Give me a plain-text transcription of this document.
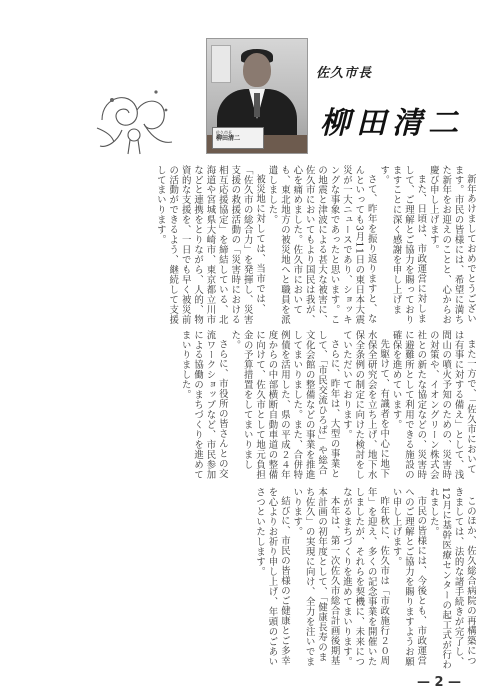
佐久市長
柳田清二
佐久市長
柳田清二

新年あけましておめでとうございます。市民の皆様には、希望に満ちた新年をお迎えのことと、心からお慶び申し上げます。

また、日頃は、市政運営に対しまして、ご理解とご協力を賜っておりますことに深く感謝を申し上げます。

さて、昨年を振り返りますと、なんといっても3月11日の東日本大震災が一大ニュースであり、ショッキングな事象であったと思います。この地震と津波による甚大な被害に、佐久市においてもより国民は我が、心を痛めました。佐久市においても、東北地方の被災地へと職員を派遣しました。

被災地に対しては、当市では、「佐久市の総合力」を発揮し、災害支援の救援活動の「災害時における相互応援協定」を締結している、北海道や宮城県大崎市、東京都立川市などと連携をとりながら、人的、物資的な支援を、一日でも早く被災前の活動ができるよう、継続して支援してまいります。

また一方で、「佐久市においては有事に対する備え」として、浅間山の噴火予知のための、災害時の対策や、イオングリーン株式会社との新たな協定などの、災害時に避難所として利用できる施設の確保を進めています。

先駆けて、有識者を中心に地下水保全研究会を立ち上げ、地下水保全条例の制定に向けた検討をしていただいております。

さらに、昨年は、大型の事業として、「市民交流ひろば」や総合文化会館の整備などの事業を推進してまいりました。また、合併特例債を活用した、県の平成２４年度からの中部横断自動車道の整備に向けて、佐久市として地元負担金の予算措置をしてまいりました。

さらに、市役所の皆さんとの交流ワークショップなど、市民参加による協働のまちづくりを進めてまいりました。

このほか、佐久総合病院の再構築につきましては、法的な諸手続きが完了し、12月に基幹医療センターの起工式が行われました。

市民の皆様には、今後とも、市政運営へのご理解とご協力を賜りますようお願い申し上げます。

昨年秋に、佐久市は「市政施行２０周年」を迎え、多くの記念事業を開催いたしましたが、それらを契機に、未来につながるまちづくりを進めてまいります。

本年は、第一次佐久市総合計画後期基本計画の初年度として、「健康長寿のまち佐久」の実現に向け、全力を注いでまいります。

結びに、市民の皆様のご健康とご多幸を心よりお祈り申し上げ、年頭のごあいさつといたします。

— 2 —
